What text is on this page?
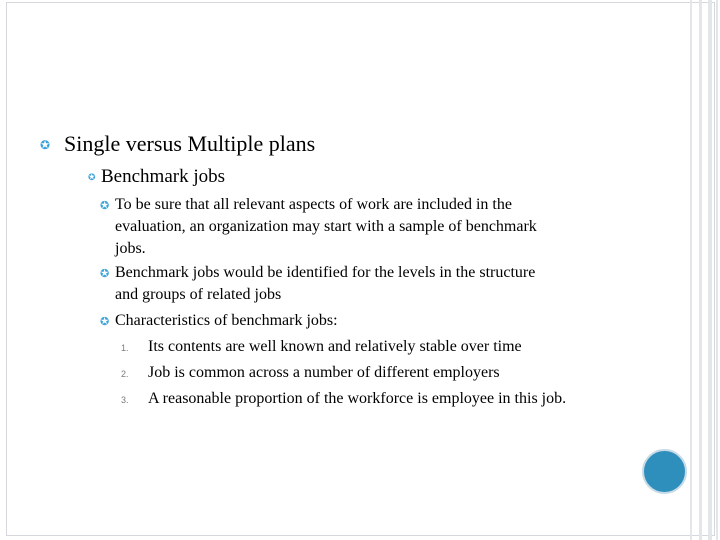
✪ Single versus Multiple plans
✪ Benchmark jobs
✪ To be sure that all relevant aspects of work are included in the
evaluation, an organization may start with a sample of benchmark
jobs.
✪ Benchmark jobs would be identified for the levels in the structure
and groups of related jobs
✪ Characteristics of benchmark jobs:
1. Its contents are well known and relatively stable over time
2. Job is common across a number of different employers
3. A reasonable proportion of the workforce is employee in this job.
